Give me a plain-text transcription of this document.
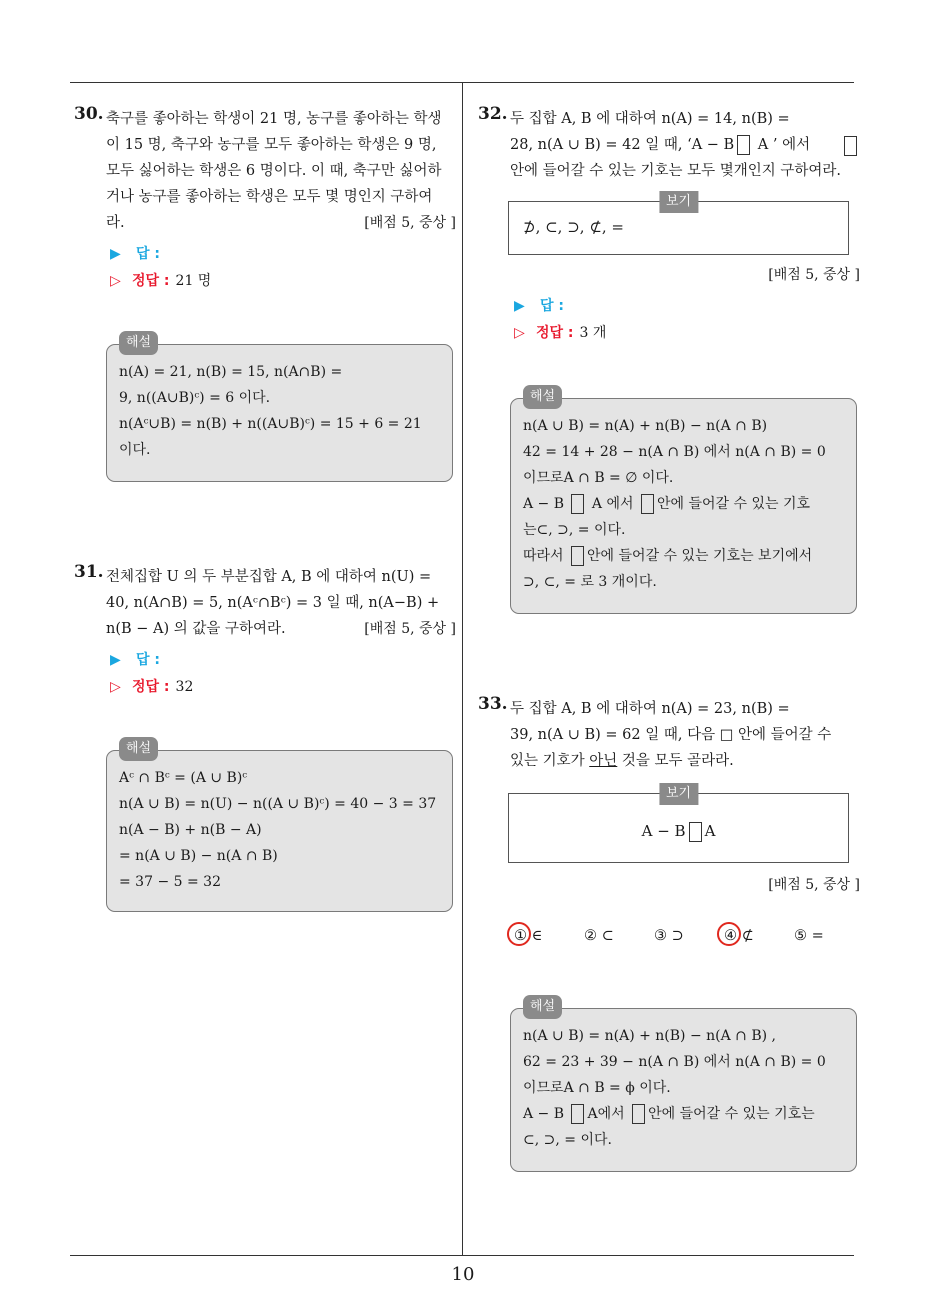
10
30. 축구를 좋아하는 학생이 21 명, 농구를 좋아하는 학생
이 15 명, 축구와 농구를 모두 좋아하는 학생은 9 명,
모두 싫어하는 학생은 6 명이다. 이 때, 축구만 싫어하
거나 농구를 좋아하는 학생은 모두 몇 명인지 구하여
라.	[배점 5, 중상 ]
▶ 답 :
▷ 정답 : 21 명
해설
n(A) = 21, n(B) = 15, n(A∩B) =
9, n((A∪B)ᶜ) = 6 이다.
n(Aᶜ∪B) = n(B) + n((A∪B)ᶜ) = 15 + 6 = 21
이다.
31. 전체집합 U 의 두 부분집합 A, B 에 대하여 n(U) =
40, n(A∩B) = 5, n(Aᶜ∩Bᶜ) = 3 일 때, n(A−B) +
n(B − A) 의 값을 구하여라.	[배점 5, 중상 ]
▶ 답 :
▷ 정답 : 32
해설
Aᶜ ∩ Bᶜ = (A ∪ B)ᶜ
n(A ∪ B) = n(U) − n((A ∪ B)ᶜ) = 40 − 3 = 37
n(A − B) + n(B − A)
= n(A ∪ B) − n(A ∩ B)
= 37 − 5 = 32
32. 두 집합 A, B 에 대하여 n(A) = 14, n(B) =
28, n(A ∪ B) = 42 일 때, ‘A − B A ’ 에서
안에 들어갈 수 있는 기호는 모두 몇개인지 구하여라.
보기
⊅, ⊂, ⊃, ⊄, =
[배점 5, 중상 ]
▶ 답 :
▷ 정답 : 3 개
해설
n(A ∪ B) = n(A) + n(B) − n(A ∩ B)
42 = 14 + 28 − n(A ∩ B) 에서 n(A ∩ B) = 0
이므로A ∩ B = ∅ 이다.
A − B  A 에서 안에 들어갈 수 있는 기호
는⊂, ⊃, = 이다.
따라서 안에 들어갈 수 있는 기호는 보기에서
⊃, ⊂, = 로 3 개이다.
33. 두 집합 A, B 에 대하여 n(A) = 23, n(B) =
39, n(A ∪ B) = 62 일 때, 다음 □ 안에 들어갈 수
있는 기호가 아닌 것을 모두 골라라.
보기
A − B A
[배점 5, 중상 ]
① ∈	② ⊂	③ ⊃	④ ⊄	⑤ =
해설
n(A ∪ B) = n(A) + n(B) − n(A ∩ B) ,
62 = 23 + 39 − n(A ∩ B) 에서 n(A ∩ B) = 0
이므로A ∩ B = ϕ 이다.
A − B A에서 안에 들어갈 수 있는 기호는
⊂, ⊃, = 이다.
